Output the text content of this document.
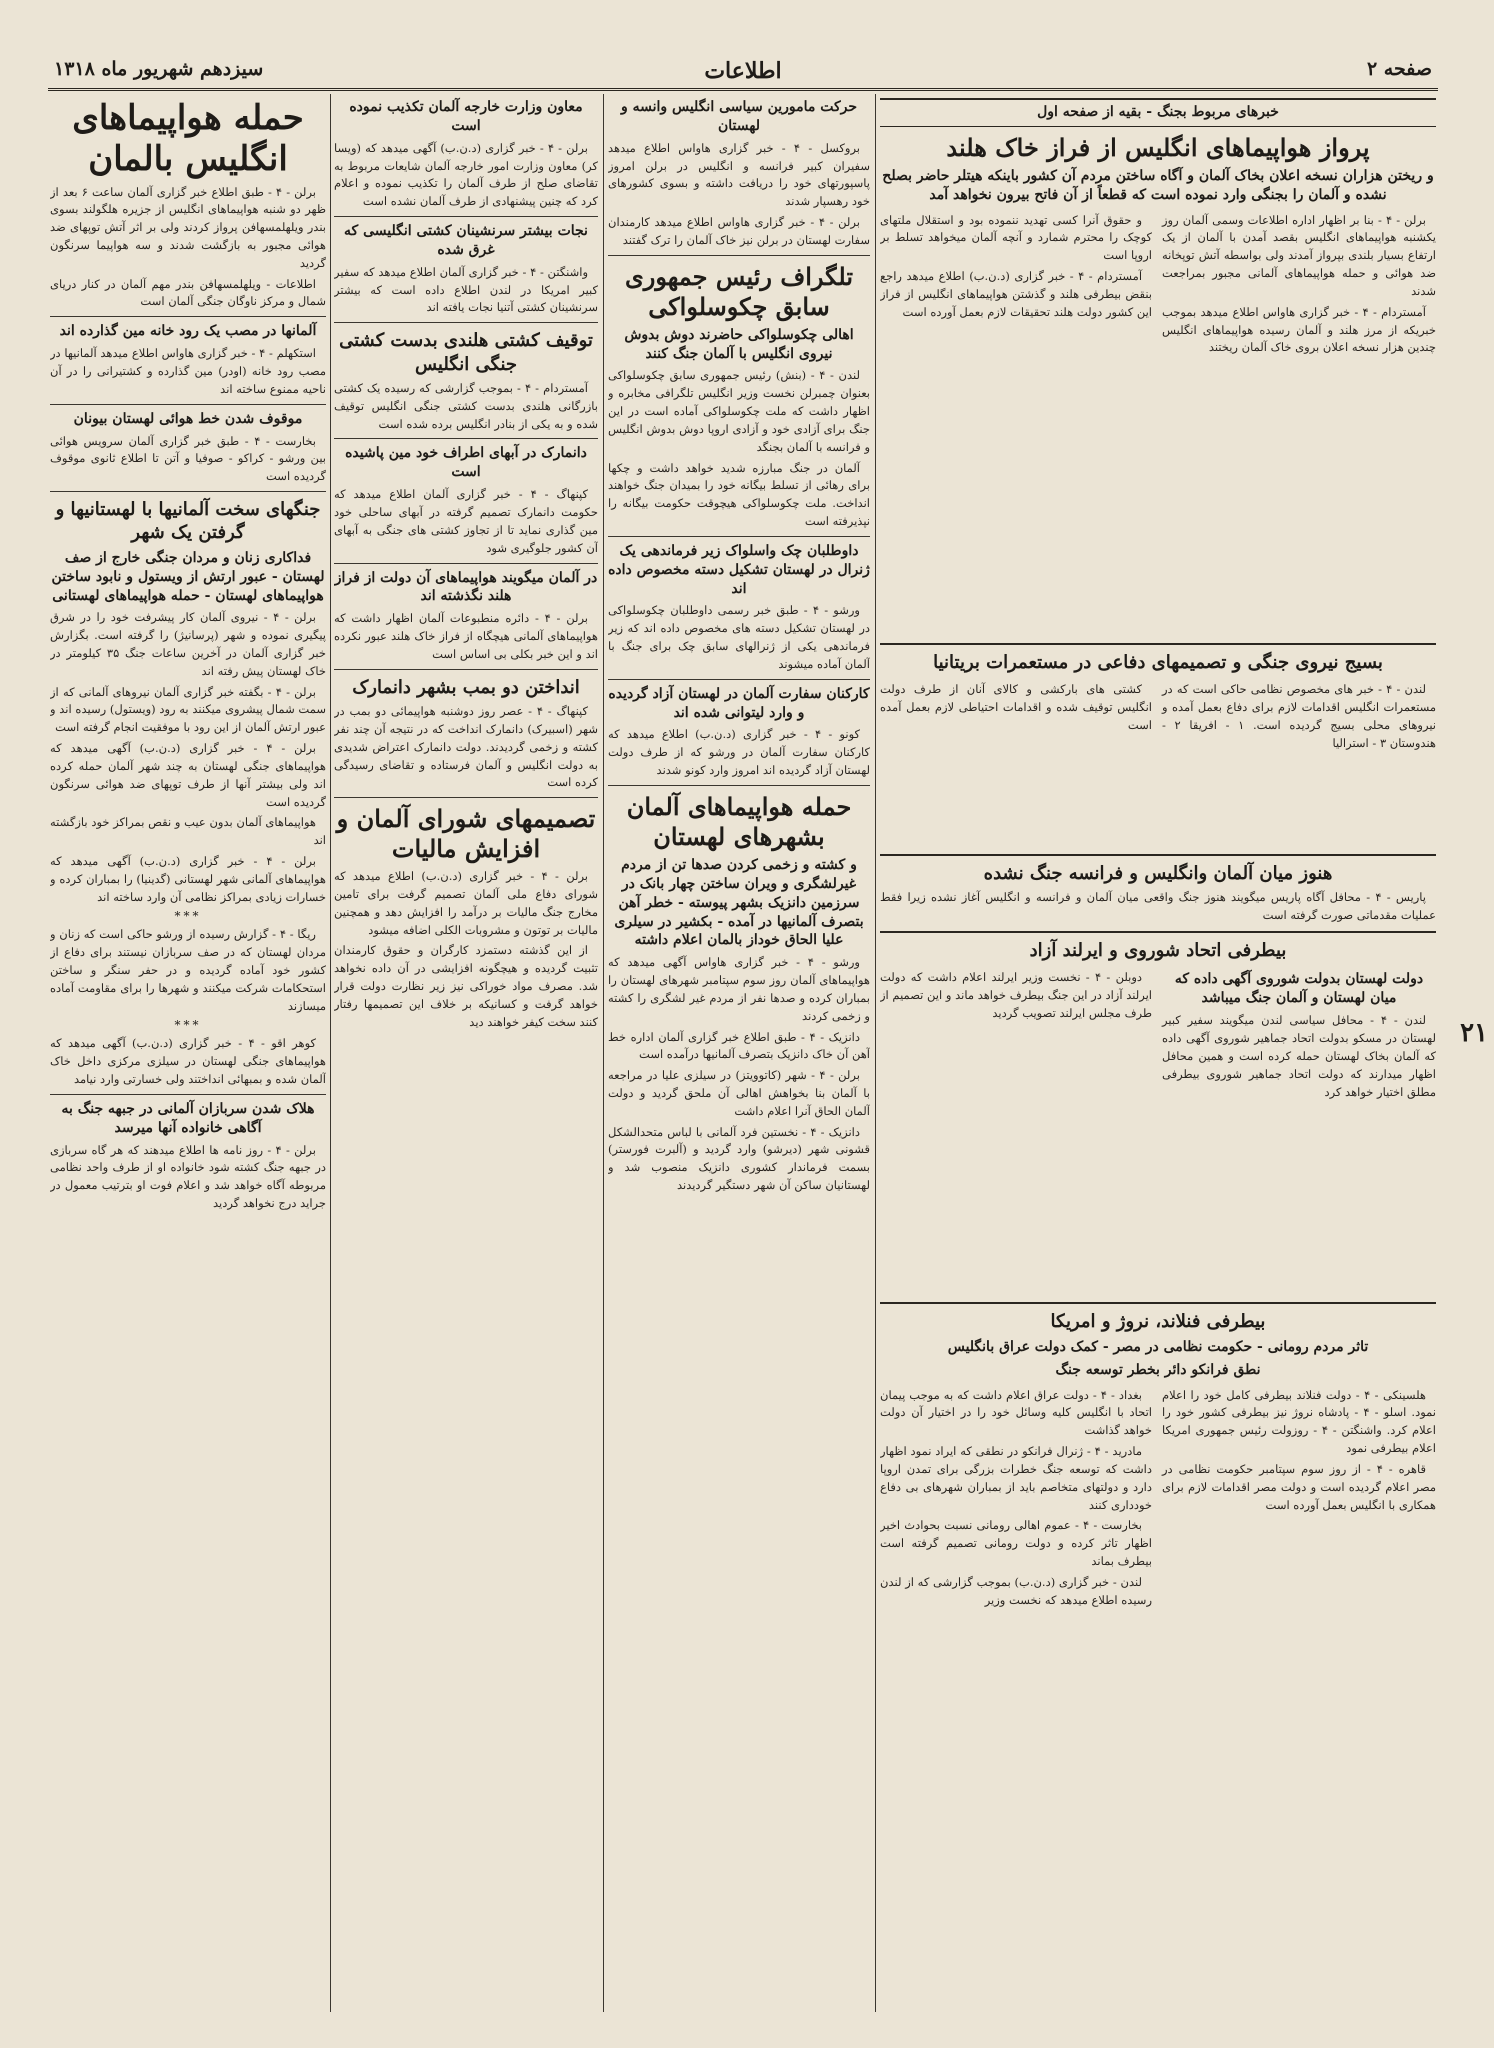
صفحه ۲
اطلاعات
سیزدهم شهریور ماه ۱۳۱۸
۲۱
خبرهای مربوط بجنگ - بقیه از صفحه اول
پرواز هواپیماهای انگلیس از فراز خاک هلند
و ریختن هزاران نسخه اعلان بخاک آلمان و آگاه ساختن مردم آن کشور باینکه هیتلر حاضر بصلح نشده و آلمان را بجنگی وارد نموده است که قطعاً از آن فاتح بیرون نخواهد آمد

برلن - ۴ - بنا بر اظهار اداره اطلاعات وسمی آلمان روز یکشنبه هواپیماهای انگلیس بقصد آمدن با آلمان از یک ارتفاع بسیار بلندی بپرواز آمدند ولی بواسطه آتش توپخانه ضد هوائی و حمله هواپیماهای آلمانی مجبور بمراجعت شدند

آمستردام - ۴ - خبر گزاری هاواس اطلاع میدهد بموجب خبریکه از مرز هلند و آلمان رسیده هواپیماهای انگلیس چندین هزار نسخه اعلان بروی خاک آلمان ریختند

و حقوق آنرا کسی تهدید ننموده بود و استقلال ملتهای کوچک را محترم شمارد و آنچه آلمان میخواهد تسلط بر اروپا است

آمستردام - ۴ - خبر گزاری (د.ن.ب) اطلاع میدهد راجع بنقض بیطرفی هلند و گذشتن هواپیماهای انگلیس از فراز این کشور دولت هلند تحقیقات لازم بعمل آورده است

بسیج نیروی جنگی و تصمیمهای دفاعی در مستعمرات بریتانیا

لندن - ۴ - خبر های مخصوص نظامی حاکی است که در مستعمرات انگلیس اقدامات لازم برای دفاع بعمل آمده و نیروهای محلی بسیج گردیده است. ۱ - افریقا ۲ - هندوستان ۳ - استرالیا

کشتی های بارکشی و کالای آنان از طرف دولت انگلیس توقیف شده و اقدامات احتیاطی لازم بعمل آمده است

هنوز میان آلمان وانگلیس و فرانسه جنگ نشده

پاریس - ۴ - محافل آگاه پاریس میگویند هنوز جنگ واقعی میان آلمان و فرانسه و انگلیس آغاز نشده زیرا فقط عملیات مقدماتی صورت گرفته است

بیطرفی اتحاد شوروی و ایرلند آزاد
دولت لهستان بدولت شوروی آگهی داده که میان لهستان و آلمان جنگ میباشد

لندن - ۴ - محافل سیاسی لندن میگویند سفیر کبیر لهستان در مسکو بدولت اتحاد جماهیر شوروی آگهی داده که آلمان بخاک لهستان حمله کرده است و همین محافل اظهار میدارند که دولت اتحاد جماهیر شوروی بیطرفی مطلق اختیار خواهد کرد

دوبلن - ۴ - نخست وزیر ایرلند اعلام داشت که دولت ایرلند آزاد در این جنگ بیطرف خواهد ماند و این تصمیم از طرف مجلس ایرلند تصویب گردید

بیطرفی فنلاند، نروژ و امریکا
تاثر مردم رومانی - حکومت نظامی در مصر - کمک دولت عراق بانگلیس
نطق فرانکو دائر بخطر توسعه جنگ

هلسینکی - ۴ - دولت فنلاند بیطرفی کامل خود را اعلام نمود. اسلو - ۴ - پادشاه نروژ نیز بیطرفی کشور خود را اعلام کرد. واشنگتن - ۴ - روزولت رئیس جمهوری امریکا اعلام بیطرفی نمود

قاهره - ۴ - از روز سوم سپتامبر حکومت نظامی در مصر اعلام گردیده است و دولت مصر اقدامات لازم برای همکاری با انگلیس بعمل آورده است

بغداد - ۴ - دولت عراق اعلام داشت که به موجب پیمان اتحاد با انگلیس کلیه وسائل خود را در اختیار آن دولت خواهد گذاشت

مادرید - ۴ - ژنرال فرانکو در نطقی که ایراد نمود اظهار داشت که توسعه جنگ خطرات بزرگی برای تمدن اروپا دارد و دولتهای متخاصم باید از بمباران شهرهای بی دفاع خودداری کنند

بخارست - ۴ - عموم اهالی رومانی نسبت بحوادث اخیر اظهار تاثر کرده و دولت رومانی تصمیم گرفته است بیطرف بماند

لندن - خبر گزاری (د.ن.ب) بموجب گزارشی که از لندن رسیده اطلاع میدهد که نخست وزیر

حرکت مامورین سیاسی انگلیس وانسه و لهستان

بروکسل - ۴ - خبر گزاری هاواس اطلاع میدهد سفیران کبیر فرانسه و انگلیس در برلن امروز پاسپورتهای خود را دریافت داشته و بسوی کشورهای خود رهسپار شدند

برلن - ۴ - خبر گزاری هاواس اطلاع میدهد کارمندان سفارت لهستان در برلن نیز خاک آلمان را ترک گفتند

تلگراف رئیس جمهوری سابق چکوسلواکی
اهالی چکوسلواکی حاضرند دوش بدوش نیروی انگلیس با آلمان جنگ کنند

لندن - ۴ - (بنش) رئیس جمهوری سابق چکوسلواکی بعنوان چمبرلن نخست وزیر انگلیس تلگرافی مخابره و اظهار داشت که ملت چکوسلواکی آماده است در این جنگ برای آزادی خود و آزادی اروپا دوش بدوش انگلیس و فرانسه با آلمان بجنگد

آلمان در جنگ مبارزه شدید خواهد داشت و چکها برای رهائی از تسلط بیگانه خود را بمیدان جنگ خواهند انداخت. ملت چکوسلواکی هیچوقت حکومت بیگانه را نپذیرفته است

داوطلبان چک واسلواک زیر فرماندهی یک ژنرال در لهستان تشکیل دسته مخصوص داده اند

ورشو - ۴ - طبق خبر رسمی داوطلبان چکوسلواکی در لهستان تشکیل دسته های مخصوص داده اند که زیر فرماندهی یکی از ژنرالهای سابق چک برای جنگ با آلمان آماده میشوند

کارکنان سفارت آلمان در لهستان آزاد گردیده و وارد لیتوانی شده اند

کونو - ۴ - خبر گزاری (د.ن.ب) اطلاع میدهد که کارکنان سفارت آلمان در ورشو که از طرف دولت لهستان آزاد گردیده اند امروز وارد کونو شدند

حمله هواپیماهای آلمان بشهرهای لهستان
و کشته و زخمی کردن صدها تن از مردم غیرلشگری و ویران ساختن چهار بانک در سرزمین دانزیک بشهر پیوسته - خطر آهن بتصرف آلمانیها در آمده - بکشیر در سیلری علیا الحاق خوداز بالمان اعلام داشته

ورشو - ۴ - خبر گزاری هاواس آگهی میدهد که هواپیماهای آلمان روز سوم سپتامبر شهرهای لهستان را بمباران کرده و صدها نفر از مردم غیر لشگری را کشته و زخمی کردند

دانزیک - ۴ - طبق اطلاع خبر گزاری آلمان اداره خط آهن آن خاک دانزیک بتصرف آلمانیها درآمده است

برلن - ۴ - شهر (کاتوویتز) در سیلزی علیا در مراجعه با آلمان بنا بخواهش اهالی آن ملحق گردید و دولت آلمان الحاق آنرا اعلام داشت

دانزیک - ۴ - نخستین فرد آلمانی با لباس متحدالشکل قشونی شهر (دیرشو) وارد گردید و (آلبرت فورستر) بسمت فرماندار کشوری دانزیک منصوب شد و لهستانیان ساکن آن شهر دستگیر گردیدند

معاون وزارت خارجه آلمان تکذیب نموده است

برلن - ۴ - خبر گزاری (د.ن.ب) آگهی میدهد که (ویسا کر) معاون وزارت امور خارجه آلمان شایعات مربوط به تقاضای صلح از طرف آلمان را تکذیب نموده و اعلام کرد که چنین پیشنهادی از طرف آلمان نشده است

نجات بیشتر سرنشینان کشتی انگلیسی که غرق شده

واشنگتن - ۴ - خبر گزاری آلمان اطلاع میدهد که سفیر کبیر امریکا در لندن اطلاع داده است که بیشتر سرنشینان کشتی آتنیا نجات یافته اند

توقیف کشتی هلندی بدست کشتی جنگی انگلیس

آمستردام - ۴ - بموجب گزارشی که رسیده یک کشتی بازرگانی هلندی بدست کشتی جنگی انگلیس توقیف شده و به یکی از بنادر انگلیس برده شده است

دانمارک در آبهای اطراف خود مین پاشیده است

کپنهاگ - ۴ - خبر گزاری آلمان اطلاع میدهد که حکومت دانمارک تصمیم گرفته در آبهای ساحلی خود مین گذاری نماید تا از تجاوز کشتی های جنگی به آبهای آن کشور جلوگیری شود

در آلمان میگویند هواپیماهای آن دولت از فراز هلند نگذشته اند

برلن - ۴ - دائره منطبوعات آلمان اظهار داشت که هواپیماهای آلمانی هیچگاه از فراز خاک هلند عبور نکرده اند و این خبر بکلی بی اساس است

انداختن دو بمب بشهر دانمارک

کپنهاگ - ۴ - عصر روز دوشنبه هواپیمائی دو بمب در شهر (اسبیرک) دانمارک انداخت که در نتیجه آن چند نفر کشته و زخمی گردیدند. دولت دانمارک اعتراض شدیدی به دولت انگلیس و آلمان فرستاده و تقاضای رسیدگی کرده است

تصمیمهای شورای آلمان و افزایش مالیات

برلن - ۴ - خبر گزاری (د.ن.ب) اطلاع میدهد که شورای دفاع ملی آلمان تصمیم گرفت برای تامین مخارج جنگ مالیات بر درآمد را افزایش دهد و همچنین مالیات بر توتون و مشروبات الکلی اضافه میشود

از این گذشته دستمزد کارگران و حقوق کارمندان تثبیت گردیده و هیچگونه افزایشی در آن داده نخواهد شد. مصرف مواد خوراکی نیز زیر نظارت دولت قرار خواهد گرفت و کسانیکه بر خلاف این تصمیمها رفتار کنند سخت کیفر خواهند دید

حمله هواپیماهای انگلیس بالمان

برلن - ۴ - طبق اطلاع خبر گزاری آلمان ساعت ۶ بعد از ظهر دو شنبه هواپیماهای انگلیس از جزیره هلگولند بسوی بندر ویلهلمسهافن پرواز کردند ولی بر اثر آتش توپهای ضد هوائی مجبور به بازگشت شدند و سه هواپیما سرنگون گردید

اطلاعات - ویلهلمسهافن بندر مهم آلمان در کنار دریای شمال و مرکز ناوگان جنگی آلمان است

آلمانها در مصب یک رود خانه مین گذارده اند

استکهلم - ۴ - خبر گزاری هاواس اطلاع میدهد آلمانیها در مصب رود خانه (اودر) مین گذارده و کشتیرانی را در آن ناحیه ممنوع ساخته اند

موقوف شدن خط هوائی لهستان بیونان

بخارست - ۴ - طبق خبر گزاری آلمان سرویس هوائی بین ورشو - کراکو - صوفیا و آتن تا اطلاع ثانوی موقوف گردیده است

جنگهای سخت آلمانیها با لهستانیها و گرفتن یک شهر
فداکاری زنان و مردان جنگی خارج از صف لهستان - عبور ارتش از ویستول و نابود ساختن هواپیماهای لهستان - حمله هواپیماهای لهستانی

برلن - ۴ - نیروی آلمان کار پیشرفت خود را در شرق پیگیری نموده و شهر (پرسانیژ) را گرفته است. بگزارش خبر گزاری آلمان در آخرین ساعات جنگ ۳۵ کیلومتر در خاک لهستان پیش رفته اند

برلن - ۴ - بگفته خبر گزاری آلمان نیروهای آلمانی که از سمت شمال پیشروی میکنند به رود (ویستول) رسیده اند و عبور ارتش آلمان از این رود با موفقیت انجام گرفته است

برلن - ۴ - خبر گزاری (د.ن.ب) آگهی میدهد که هواپیماهای جنگی لهستان به چند شهر آلمان حمله کرده اند ولی بیشتر آنها از طرف توپهای ضد هوائی سرنگون گردیده است

هواپیماهای آلمان بدون عیب و نقص بمراکز خود بازگشته اند

برلن - ۴ - خبر گزاری (د.ن.ب) آگهی میدهد که هواپیماهای آلمانی شهر لهستانی (گدینیا) را بمباران کرده و خسارات زیادی بمراکز نظامی آن وارد ساخته اند

***

ریگا - ۴ - گزارش رسیده از ورشو حاکی است که زنان و مردان لهستان که در صف سربازان نیستند برای دفاع از کشور خود آماده گردیده و در حفر سنگر و ساختن استحکامات شرکت میکنند و شهرها را برای مقاومت آماده میسازند

***

کوهر اقو - ۴ - خبر گزاری (د.ن.ب) آگهی میدهد که هواپیماهای جنگی لهستان در سیلزی مرکزی داخل خاک آلمان شده و بمبهائی انداختند ولی خسارتی وارد نیامد

هلاک شدن سربازان آلمانی در جبهه جنگ به آگاهی خانواده آنها میرسد

برلن - ۴ - روز نامه ها اطلاع میدهند که هر گاه سربازی در جبهه جنگ کشته شود خانواده او از طرف واحد نظامی مربوطه آگاه خواهد شد و اعلام فوت او بترتیب معمول در جراید درج نخواهد گردید
